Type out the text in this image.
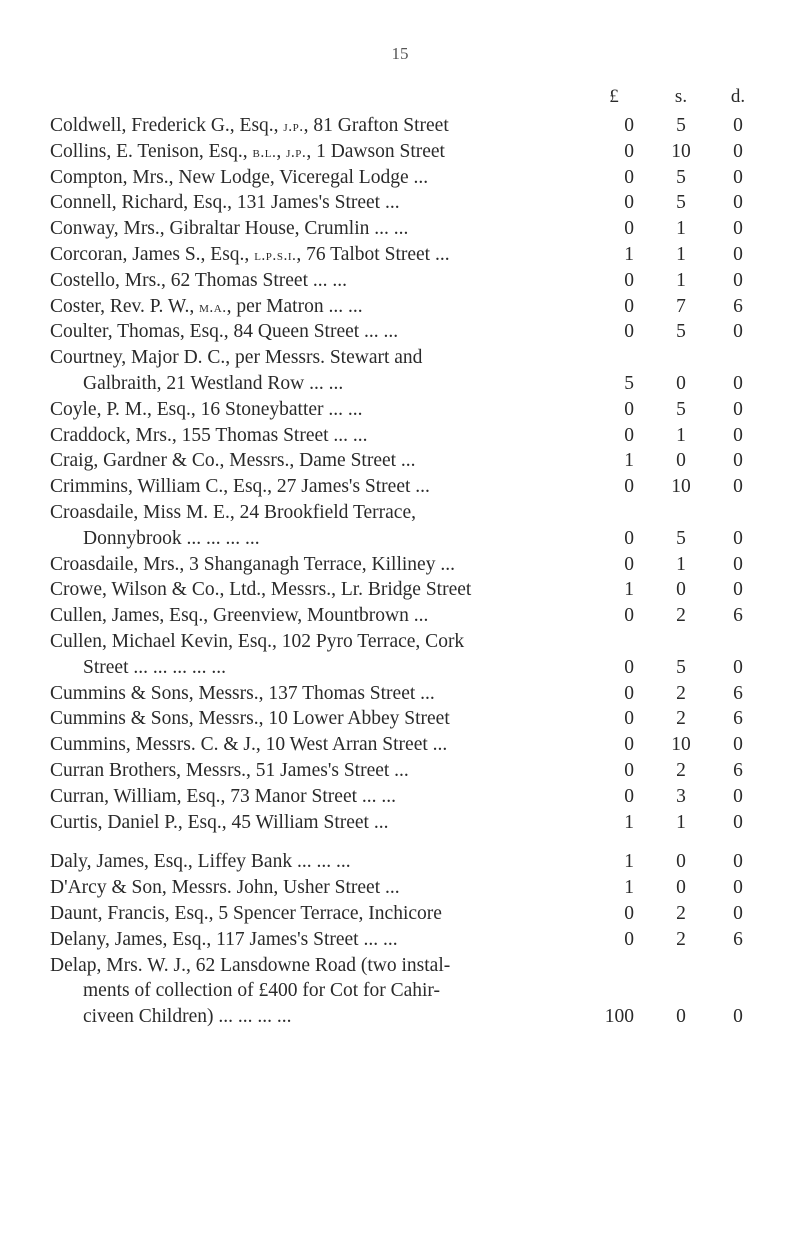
15
£	s.	d.
Coldwell, Frederick G., Esq., j.p., 81 Grafton Street	0	5	0
Collins, E. Tenison, Esq., b.l., j.p., 1 Dawson Street	0	10	0
Compton, Mrs., New Lodge, Viceregal Lodge ...	0	5	0
Connell, Richard, Esq., 131 James's Street ...	0	5	0
Conway, Mrs., Gibraltar House, Crumlin ... ...	0	1	0
Corcoran, James S., Esq., l.p.s.i., 76 Talbot Street ...	1	1	0
Costello, Mrs., 62 Thomas Street ... ...	0	1	0
Coster, Rev. P. W., m.a., per Matron ... ...	0	7	6
Coulter, Thomas, Esq., 84 Queen Street ... ...	0	5	0
Courtney, Major D. C., per Messrs. Stewart and
Galbraith, 21 Westland Row ... ...	5	0	0
Coyle, P. M., Esq., 16 Stoneybatter ... ...	0	5	0
Craddock, Mrs., 155 Thomas Street ... ...	0	1	0
Craig, Gardner & Co., Messrs., Dame Street ...	1	0	0
Crimmins, William C., Esq., 27 James's Street ...	0	10	0
Croasdaile, Miss M. E., 24 Brookfield Terrace,
Donnybrook ... ... ... ...	0	5	0
Croasdaile, Mrs., 3 Shanganagh Terrace, Killiney ...	0	1	0
Crowe, Wilson & Co., Ltd., Messrs., Lr. Bridge Street	1	0	0
Cullen, James, Esq., Greenview, Mountbrown ...	0	2	6
Cullen, Michael Kevin, Esq., 102 Pyro Terrace, Cork
Street ... ... ... ... ...	0	5	0
Cummins & Sons, Messrs., 137 Thomas Street ...	0	2	6
Cummins & Sons, Messrs., 10 Lower Abbey Street	0	2	6
Cummins, Messrs. C. & J., 10 West Arran Street ...	0	10	0
Curran Brothers, Messrs., 51 James's Street ...	0	2	6
Curran, William, Esq., 73 Manor Street ... ...	0	3	0
Curtis, Daniel P., Esq., 45 William Street ...	1	1	0
Daly, James, Esq., Liffey Bank ... ... ...	1	0	0
D'Arcy & Son, Messrs. John, Usher Street ...	1	0	0
Daunt, Francis, Esq., 5 Spencer Terrace, Inchicore	0	2	0
Delany, James, Esq., 117 James's Street ... ...	0	2	6
Delap, Mrs. W. J., 62 Lansdowne Road (two instal-
ments of collection of £400 for Cot for Cahir-
civeen Children) ... ... ... ...	100	0	0
